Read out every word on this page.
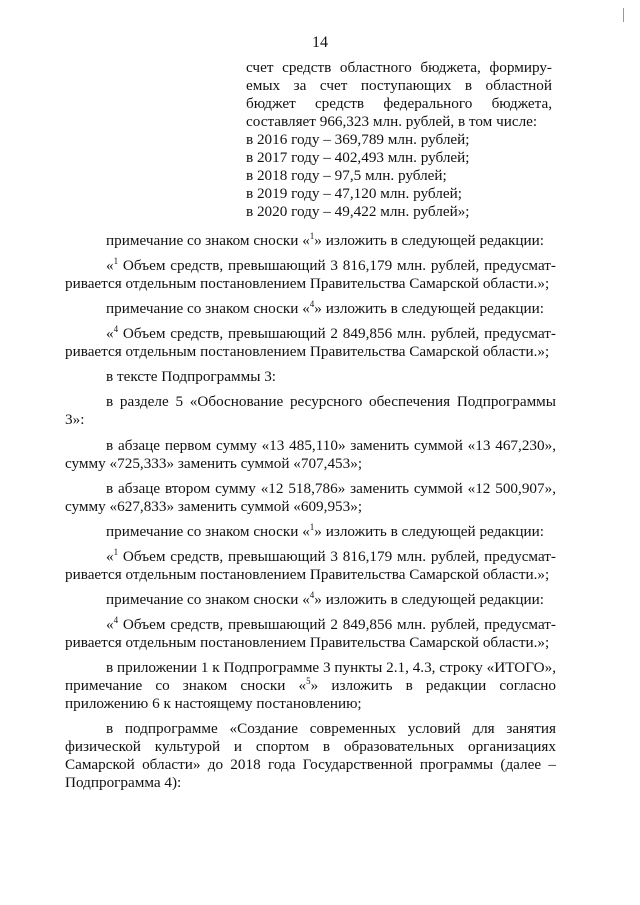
14

счет средств областного бюджета, формиру-

емых за счет поступающих в областной

бюджет средств федерального бюджета,

составляет 966,323 млн. рублей, в том числе:

в 2016 году – 369,789 млн. рублей;

в 2017 году – 402,493 млн. рублей;

в 2018 году – 97,5 млн. рублей;

в 2019 году – 47,120 млн. рублей;

в 2020 году – 49,422 млн. рублей»;

примечание со знаком сноски «$^1$» изложить в следующей редакции:

«$^1$ Объем средств, превышающий 3 816,179 млн. рублей, предусмат- ривается отдельным постановлением Правительства Самарской области.»;

примечание со знаком сноски «$^4$» изложить в следующей редакции:

«$^4$ Объем средств, превышающий 2 849,856 млн. рублей, предусмат- ривается отдельным постановлением Правительства Самарской области.»;

в тексте Подпрограммы 3:

в разделе 5 «Обоснование ресурсного обеспечения Подпрограммы 3»:

в абзаце первом сумму «13 485,110» заменить суммой «13 467,230», сумму «725,333» заменить суммой «707,453»;

в абзаце втором сумму «12 518,786» заменить суммой «12 500,907», сумму «627,833» заменить суммой «609,953»;

примечание со знаком сноски «$^1$» изложить в следующей редакции:

«$^1$ Объем средств, превышающий 3 816,179 млн. рублей, предусмат- ривается отдельным постановлением Правительства Самарской области.»;

примечание со знаком сноски «$^4$» изложить в следующей редакции:

«$^4$ Объем средств, превышающий 2 849,856 млн. рублей, предусмат- ривается отдельным постановлением Правительства Самарской области.»;

в приложении 1 к Подпрограмме 3 пункты 2.1, 4.3, строку «ИТОГО», примечание со знаком сноски «$^5$» изложить в редакции согласно приложению 6 к настоящему постановлению;

в подпрограмме «Создание современных условий для занятия физической культурой и спортом в образовательных организациях Самарской области» до 2018 года Государственной программы (далее – Подпрограмма 4):
